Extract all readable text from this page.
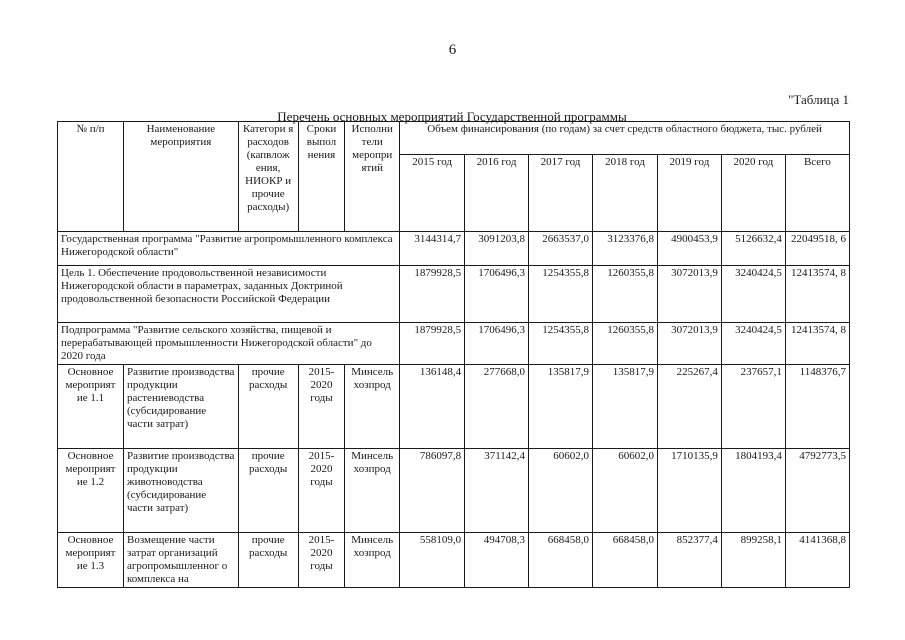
6
"Таблица 1
Перечень основных мероприятий Государственной программы
№ п/п	Наименование мероприятия	Категори я расходов (капвлож ения, НИОКР и прочие расходы)	Сроки выпол нения	Исполни тели меропри ятий	Объем финансирования (по годам) за счет средств областного бюджета, тыс. рублей						
					2015 год	2016 год	2017 год	2018 год	2019 год	2020 год	Всего
Государственная программа "Развитие агропромышленного комплекса Нижегородской области"					3144314,7	3091203,8	2663537,0	3123376,8	4900453,9	5126632,4	22049518, 6
Цель 1. Обеспечение продовольственной независимости Нижегородской области в параметрах, заданных Доктриной продовольственной безопасности Российской Федерации					1879928,5	1706496,3	1254355,8	1260355,8	3072013,9	3240424,5	12413574, 8
Подпрограмма "Развитие сельского хозяйства, пищевой и перерабатывающей промышленности Нижегородской области" до 2020 года					1879928,5	1706496,3	1254355,8	1260355,8	3072013,9	3240424,5	12413574, 8
Основное мероприят ие 1.1	Развитие производства продукции растениеводства (субсидирование части затрат)	прочие расходы	2015- 2020 годы	Минсель хозпрод	136148,4	277668,0	135817,9	135817,9	225267,4	237657,1	1148376,7
Основное мероприят ие 1.2	Развитие производства продукции животноводства (субсидирование части затрат)	прочие расходы	2015- 2020 годы	Минсель хозпрод	786097,8	371142,4	60602,0	60602,0	1710135,9	1804193,4	4792773,5
Основное мероприят ие 1.3	Возмещение части затрат организаций агропромышленног о комплекса на	прочие расходы	2015- 2020 годы	Минсель хозпрод	558109,0	494708,3	668458,0	668458,0	852377,4	899258,1	4141368,8
